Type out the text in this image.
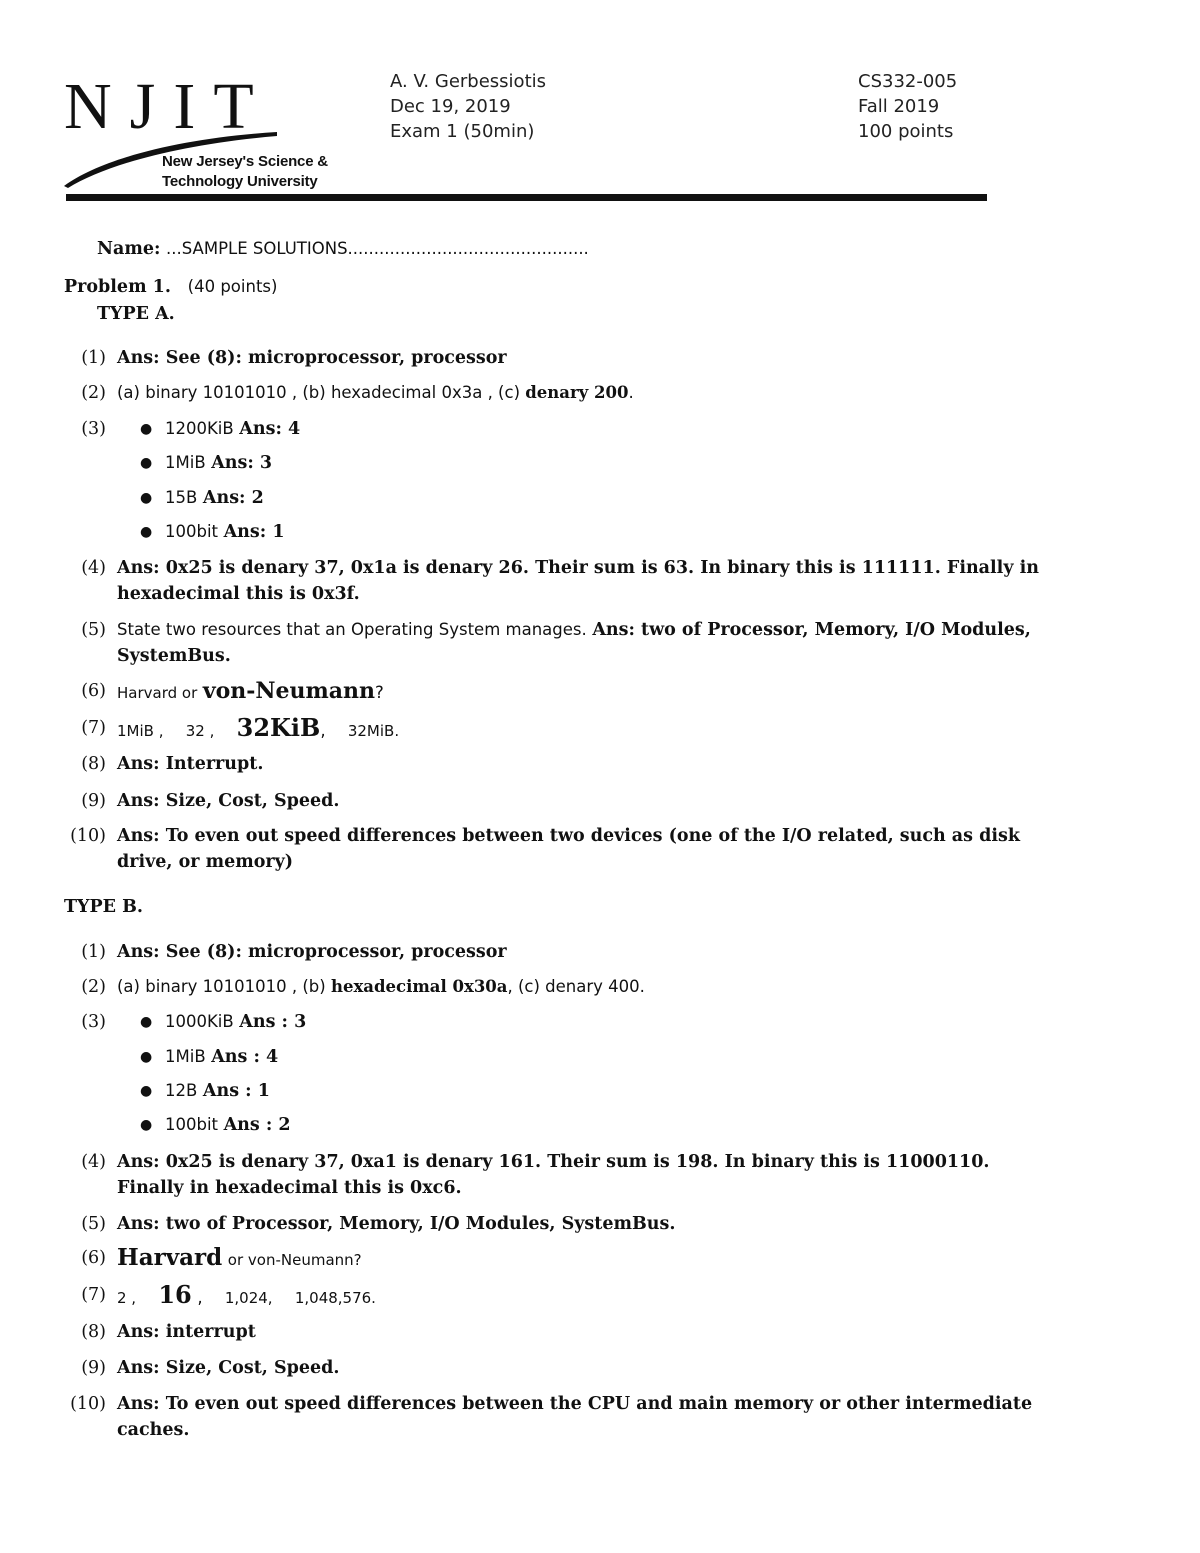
NJIT
New Jersey's Science &
Technology University
A. V. Gerbessiotis
Dec 19, 2019
Exam 1 (50min)
CS332-005
Fall 2019
100 points
Name: ...SAMPLE SOLUTIONS..............................................
Problem 1. (40 points)
TYPE A.
(1) Ans: See (8): microprocessor, processor
(2) (a) binary 10101010 , (b) hexadecimal 0x3a , (c) denary 200.
(3) ● 1200KiB Ans: 4
● 1MiB Ans: 3
● 15B Ans: 2
● 100bit Ans: 1
(4) Ans: 0x25 is denary 37, 0x1a is denary 26. Their sum is 63. In binary this is 111111. Finally in hexadecimal this is 0x3f.
(5) State two resources that an Operating System manages. Ans: two of Processor, Memory, I/O Modules, SystemBus.
(6) Harvard or von-Neumann?
(7) 1MiB , 32 , 32KiB, 32MiB.
(8) Ans: Interrupt.
(9) Ans: Size, Cost, Speed.
(10) Ans: To even out speed differences between two devices (one of the I/O related, such as disk drive, or memory)
TYPE B.
(1) Ans: See (8): microprocessor, processor
(2) (a) binary 10101010 , (b) hexadecimal 0x30a, (c) denary 400.
(3) ● 1000KiB Ans : 3
● 1MiB Ans : 4
● 12B Ans : 1
● 100bit Ans : 2
(4) Ans: 0x25 is denary 37, 0xa1 is denary 161. Their sum is 198. In binary this is 11000110. Finally in hexadecimal this is 0xc6.
(5) Ans: two of Processor, Memory, I/O Modules, SystemBus.
(6) Harvard or von-Neumann?
(7) 2 , 16 , 1,024, 1,048,576.
(8) Ans: interrupt
(9) Ans: Size, Cost, Speed.
(10) Ans: To even out speed differences between the CPU and main memory or other intermediate caches.
